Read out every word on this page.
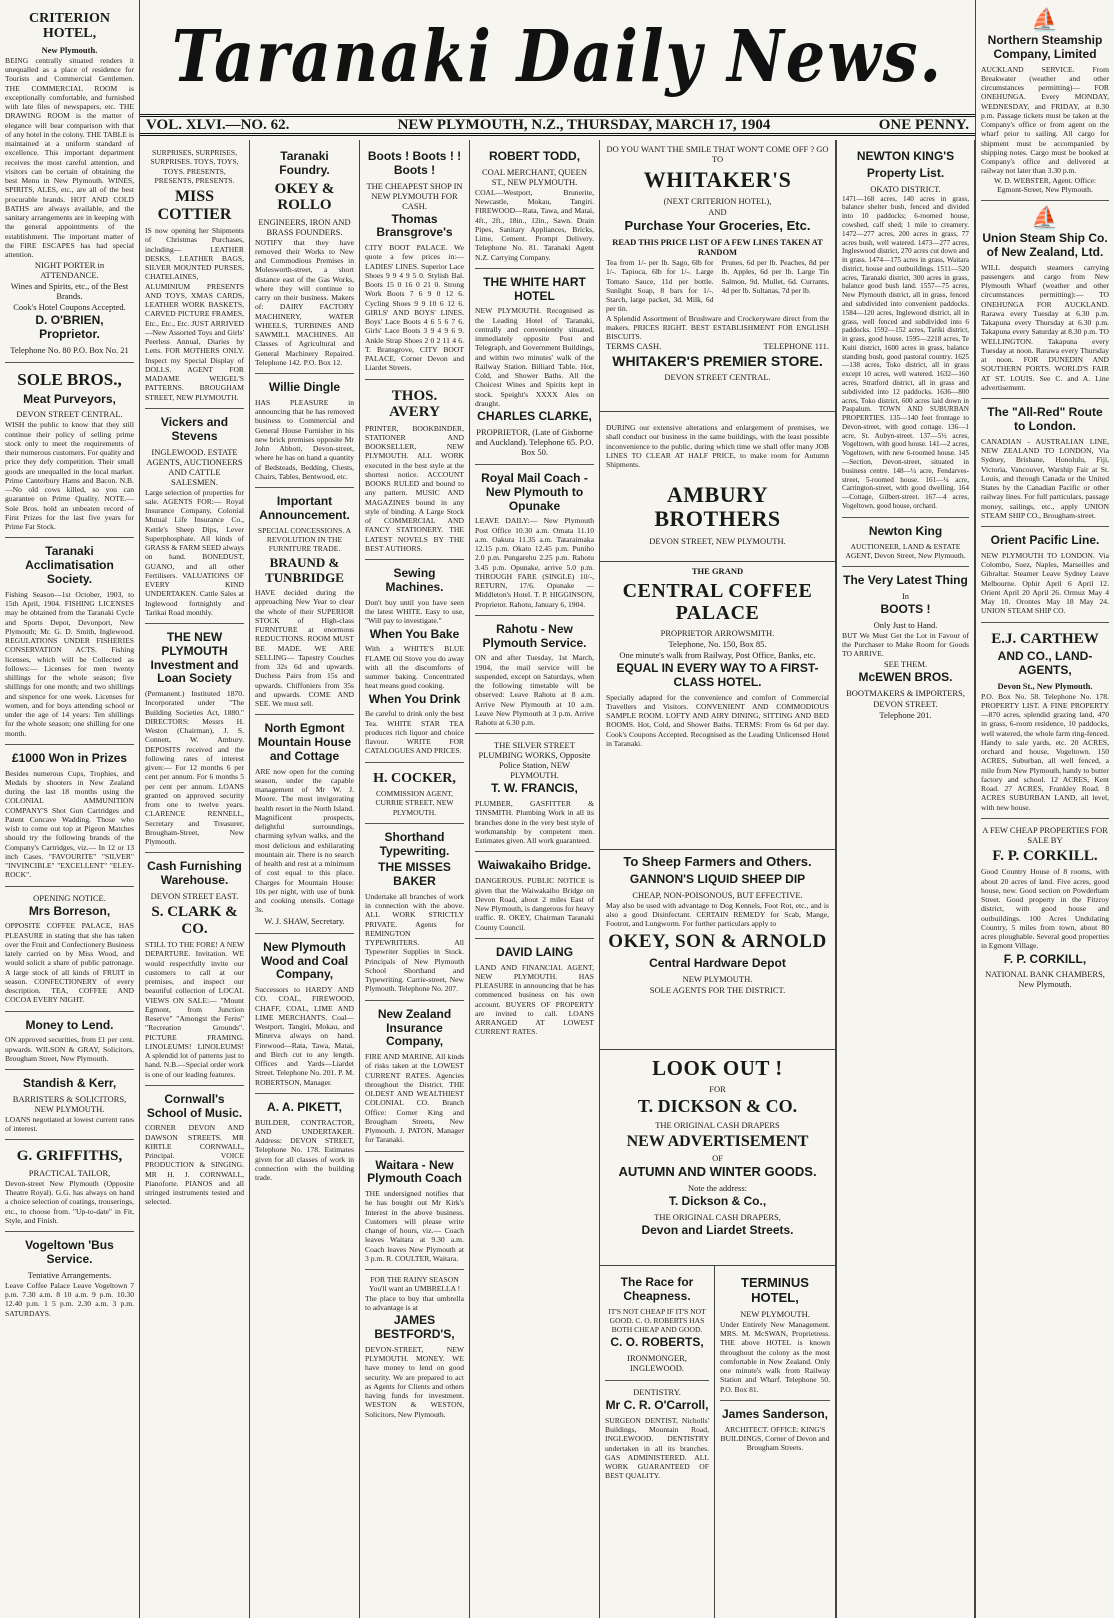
Taranaki Daily News.
VOL. XLVI.—NO. 62.	NEW PLYMOUTH, N.Z., THURSDAY, MARCH 17, 1904	ONE PENNY.
CRITERION HOTEL,
New Plymouth.

BEING centrally situated renders it unequalled as a place of residence for Tourists and Commercial Gentlemen. THE COMMERCIAL ROOM is exceptionally comfortable, and furnished with late files of newspapers, etc. THE DRAWING ROOM is the matter of elegance will bear comparison with that of any hotel in the colony. THE TABLE is maintained at a uniform standard of excellence. This important department receives the most careful attention, and visitors can be certain of obtaining the best Menu in New Plymouth. WINES, SPIRITS, ALES, etc., are all of the best procurable brands. HOT AND COLD BATHS are always available, and the sanitary arrangements are in keeping with the general appointments of the establishment. The important matter of the FIRE ESCAPES has had special attention.

NIGHT PORTER in ATTENDANCE.
Wines and Spirits, etc., of the Best Brands.
Cook's Hotel Coupons Accepted.
D. O'BRIEN, Proprietor.
Telephone No. 80 P.O. Box No. 21
SOLE BROS.,
Meat Purveyors,
DEVON STREET CENTRAL.

WISH the public to know that they still continue their policy of selling prime stock only to meet the requirements of their numerous customers. For quality and price they defy competition. Their small goods are unequalled in the local market. Prime Canterbury Hams and Bacon. N.B.—No old cows killed, so you can guarantee on Prime Quality. NOTE.—Sole Bros. hold an unbeaten record of First Prizes for the last five years for Prime Fat Stock.

Taranaki Acclimatisation Society.

Fishing Season—1st October, 1903, to 15th April, 1904. FISHING LICENSES may be obtained from the Taranaki Cycle and Sports Depot, Devonport, New Plymouth; Mr. G. D. Smith, Inglewood. REGULATIONS UNDER FISHERIES CONSERVATION ACTS. Fishing licenses, which will be Collected as follows:— Licenses for men twenty shillings for the whole season; five shillings for one month; and two shillings and sixpence for one week. Licenses for women, and for boys attending school or under the age of 14 years: Ten shillings for the whole season; one shilling for one month.

£1000 Won in Prizes

Besides numerous Cups, Trophies, and Medals by shooters in New Zealand during the last 18 months using the COLONIAL AMMUNITION COMPANY'S Shot Gun Cartridges and Patent Concave Wadding. Those who wish to come out top at Pigeon Matches should try the following brands of the Company's Cartridges, viz.— In 12 or 13 inch Cases. "FAVOURITE" "SILVER" "INVINCIBLE" "EXCELLENT" "ELEY-ROCK".

OPENING NOTICE.
Mrs Borreson,

OPPOSITE COFFEE PALACE, HAS PLEASURE in stating that she has taken over the Fruit and Confectionery Business lately carried on by Miss Wood, and would solicit a share of public patronage. A large stock of all kinds of FRUIT in season. CONFECTIONERY of every description. TEA, COFFEE AND COCOA EVERY NIGHT.

Money to Lend.

ON approved securities, from £1 per cent. upwards. WILSON & GRAY, Solicitors, Brougham Street, New Plymouth.

Standish & Kerr,
BARRISTERS & SOLICITORS, NEW PLYMOUTH.

LOANS negotiated at lowest current rates of interest.

G. GRIFFITHS,
PRACTICAL TAILOR,

Devon-street New Plymouth (Opposite Theatre Royal). G.G. has always on hand a choice selection of coatings, trouserings, etc., to choose from. "Up-to-date" in Fit, Style, and Finish.

Vogeltown 'Bus Service.
Tentative Arrangements.

Leave Coffee Palace Leave Vogeltown 7 p.m. 7.30 a.m. 8 10 a.m. 9 p.m. 10.30 12.40 p.m. 1 5 p.m. 2.30 a.m. 3 p.m. SATURDAYS.

SURPRISES, SURPRISES, SURPRISES. TOYS, TOYS, TOYS. PRESENTS, PRESENTS, PRESENTS.

MISS COTTIER

IS now opening her Shipments of Christmas Purchases, including— LEATHER DESKS, LEATHER BAGS, SILVER MOUNTED PURSES, CHATELAINES, ALUMINIUM PRESENTS AND TOYS, XMAS CARDS, LEATHER WORK BASKETS, CARVED PICTURE FRAMES, Etc., Etc., Etc. JUST ARRIVED—New Assorted Toys and Girls' Peerless Annual, Diaries by Letts. FOR MOTHERS ONLY. Inspect my Special Display of DOLLS. AGENT FOR MADAME WEIGEL'S PATTERNS. BROUGHAM STREET, NEW PLYMOUTH.

Vickers and Stevens
INGLEWOOD. ESTATE AGENTS, AUCTIONEERS AND CATTLE SALESMEN.

Large selection of properties for sale. AGENTS FOR:— Royal Insurance Company, Colonial Mutual Life Insurance Co., Kettle's Sheep Dips, Lever Superphosphate. All kinds of GRASS & FARM SEED always on hand. BONEDUST, GUANO, and all other Fertilisers. VALUATIONS OF EVERY KIND UNDERTAKEN. Cattle Sales at Inglewood fortnightly and Tarikai Road monthly.

THE NEW PLYMOUTH Investment and Loan Society

(Permanent.) Instituted 1870. Incorporated under "The Building Societies Act, 1880." DIRECTORS: Messrs H. Weston (Chairman), J. S. Connett, W. Ambury. DEPOSITS received and the following rates of interest given:— For 12 months 6 per cent per annum. For 6 months 5 per cent per annum. LOANS granted on approved security from one to twelve years. CLARENCE RENNELL, Secretary and Treasurer, Brougham-Street, New Plymouth.

Cash Furnishing Warehouse.
DEVON STREET EAST.
S. CLARK & CO.

STILL TO THE FORE! A NEW DEPARTURE. Invitation. WE would respectfully invite our customers to call at our premises, and inspect our beautiful collection of LOCAL VIEWS ON SALE:— "Mount Egmont, from Junction Reserve" "Amongst the Ferns" "Recreation Grounds". PICTURE FRAMING. LINOLEUMS! LINOLEUMS! A splendid lot of patterns just to hand. N.B.—Special order work is one of our leading features.

Cornwall's School of Music.

CORNER DEVON AND DAWSON STREETS. MR KIRTLE CORNWALL, Principal. VOICE PRODUCTION & SINGING. MR H. J. CORNWALL, Pianoforte. PIANOS and all stringed instruments tested and selected.

Taranaki Foundry.
OKEY & ROLLO
ENGINEERS, IRON AND BRASS FOUNDERS.

NOTIFY that they have removed their Works to New and Commodious Premises in Molesworth-street, a short distance east of the Gas Works, where they will continue to carry on their business. Makers of: DAIRY FACTORY MACHINERY, WATER WHEELS, TURBINES AND SAWMILL MACHINES. All Classes of Agricultural and General Machinery Repaired. Telephone 142. P.O. Box 12.

Willie Dingle

HAS PLEASURE in announcing that he has removed business to Commercial and General House Furnisher in his new brick premises opposite Mr John Abbott, Devon-street, where he has on hand a quantity of Bedsteads, Bedding, Chests, Chairs, Tables, Bentwood, etc.

Important Announcement.

SPECIAL CONCESSIONS. A REVOLUTION IN THE FURNITURE TRADE.

BRAUND & TUNBRIDGE

HAVE decided during the approaching New Year to clear the whole of their SUPERIOR STOCK of High-class FURNITURE at enormous REDUCTIONS. ROOM MUST BE MADE. WE ARE SELLING— Tapestry Couches from 32s 6d and upwards. Duchess Pairs from 15s and upwards. Chiffoniers from 35s and upwards. COME AND SEE. We must sell.

North Egmont Mountain House and Cottage

ARE now open for the coming season, under the capable management of Mr W. J. Moore. The most invigorating health resort in the North Island. Magnificent prospects, delightful surroundings, charming sylvan walks, and the most delicious and exhilarating mountain air. There is no search of health and rest at a minimum of cost equal to this place. Charges for Mountain House: 10s per night, with use of bunk and cooking utensils. Cottage 3s.

W. J. SHAW, Secretary.
New Plymouth Wood and Coal Company,

Successors to HARDY AND CO. COAL, FIREWOOD, CHAFF, COAL, LIME AND LIME MERCHANTS. Coal—Westport, Tangiri, Mokau, and Minerva always on hand. Firewood—Rata, Tawa, Matai, and Birch cut to any length. Offices and Yards—Liardet Street. Telephone No. 201. P. M. ROBERTSON, Manager.

A. A. PIKETT,

BUILDER, CONTRACTOR, AND UNDERTAKER. Address: DEVON STREET, Telephone No. 178. Estimates given for all classes of work in connection with the building trade.

Boots ! Boots ! ! Boots !
THE CHEAPEST SHOP IN NEW PLYMOUTH FOR CASH.
Thomas Bransgrove's

CITY BOOT PALACE. We quote a few prices in:— LADIES' LINES. Superior Lace Shoes 9 9 4 9 5 0. Stylish Bal. Boots 15 0 16 0 21 0. Strong Work Boots 7 6 9 0 12 6. Cycling Shoes 9 9 10 6 12 6. GIRLS' AND BOYS' LINES. Boys' Lace Boots 4 6 5 6 7 6. Girls' Lace Boots 3 9 4 9 6 9. Ankle Strap Shoes 2 0 2 11 4 6. T. Bransgrove, CITY BOOT PALACE, Corner Devon and Liardet Streets.

THOS. AVERY

PRINTER, BOOKBINDER, STATIONER AND BOOKSELLER, NEW PLYMOUTH. ALL WORK executed in the best style at the shortest notice. ACCOUNT BOOKS RULED and bound to any pattern. MUSIC AND MAGAZINES bound in any style of binding. A Large Stock of COMMERCIAL AND FANCY STATIONERY. THE LATEST NOVELS BY THE BEST AUTHORS.

Sewing Machines.

Don't buy until you have seen the latest WHITE. Easy to use, "Will pay to investigate."

When You Bake

With a WHITE'S BLUE FLAME Oil Stove you do away with all the discomforts of summer baking. Concentrated heat means good cooking.

When You Drink

Be careful to drink only the best Tea. WHITE STAR TEA produces rich liquor and choice flavour. WRITE FOR CATALOGUES AND PRICES.

H. COCKER,

COMMISSION AGENT, CURRIE STREET, NEW PLYMOUTH.

Shorthand Typewriting.
THE MISSES BAKER

Undertake all branches of work in connection with the above. ALL WORK STRICTLY PRIVATE. Agents for REMINGTON TYPEWRITERS. All Typewriter Supplies in Stock. Principals of New Plymouth School Shorthand and Typewriting. Carrie-street, New Plymouth. Telephone No. 207.

New Zealand Insurance Company,

FIRE AND MARINE. All kinds of risks taken at the LOWEST CURRENT RATES. Agencies throughout the District. THE OLDEST AND WEALTHIEST COLONIAL CO. Branch Office: Corner King and Brougham Streets, New Plymouth. J. PATON, Manager for Taranaki.

Waitara - New Plymouth Coach

THE undersigned notifies that he has bought out Mr Kirk's Interest in the above business. Customers will please write change of hours, viz.— Coach leaves Waitara at 9.30 a.m. Coach leaves New Plymouth at 3 p.m. R. COULTER, Waitara.

FOR THE RAINY SEASON You'll want an UMBRELLA !

The place to buy that umbrella to advantage is at

JAMES BESTFORD'S,

DEVON-STREET, NEW PLYMOUTH. MONEY. WE have money to lend on good security. We are prepared to act as Agents for Clients and others having funds for investment. WESTON & WESTON, Solicitors, New Plymouth.

ROBERT TODD,
COAL MERCHANT, QUEEN ST., NEW PLYMOUTH.

COAL—Westport, Brunerite, Newcastle, Mokau, Tangiri. FIREWOOD—Rata, Tawa, and Matai, 4ft., 2ft., 18in., 12in., Sawn. Drain Pipes, Sanitary Appliances, Bricks, Lime, Cement. Prompt Delivery. Telephone No. 81. Taranaki Agent N.Z. Carrying Company.

THE WHITE HART HOTEL

NEW PLYMOUTH. Recognised as the Leading Hotel of Taranaki, centrally and conveniently situated, immediately opposite Post and Telegraph, and Government Buildings, and within two minutes' walk of the Railway Station. Billiard Table. Hot, Cold, and Shower Baths. All the Choicest Wines and Spirits kept in stock. Speight's XXXX Ales on draught.

CHARLES CLARKE,
PROPRIETOR, (Late of Gisborne and Auckland). Telephone 65. P.O. Box 50.
Royal Mail Coach - New Plymouth to Opunake

LEAVE DAILY:— New Plymouth Post Office 10.30 a.m. Omata 11.10 a.m. Oakura 11.35 a.m. Tataraimaka 12.15 p.m. Okato 12.45 p.m. Puniho 2.0 p.m. Pungarehu 2.25 p.m. Rahotu 3.45 p.m. Opunake, arrive 5.0 p.m. THROUGH FARE (SINGLE) 10/-, RETURN, 17/6. Opunake — Middleton's Hotel. T. P. HIGGINSON, Proprietor. Rahotu, January 6, 1904.

Rahotu - New Plymouth Service.

ON and after Tuesday, 1st March, 1904, the mail service will be suspended, except on Saturdays, when the following timetable will be observed: Leave Rahotu at 8 a.m. Arrive New Plymouth at 10 a.m. Leave New Plymouth at 3 p.m. Arrive Rahotu at 6.30 p.m.

THE SILVER STREET PLUMBING WORKS, Opposite Police Station, NEW PLYMOUTH.
T. W. FRANCIS,

PLUMBER, GASFITTER & TINSMITH. Plumbing Work in all its branches done in the very best style of workmanship by competent men. Estimates given. All work guaranteed.

Waiwakaiho Bridge.

DANGEROUS. PUBLIC NOTICE is given that the Waiwakaiho Bridge on Devon Road, about 2 miles East of New Plymouth, is dangerous for heavy traffic. R. OKEY, Chairman Taranaki County Council.

DAVID LAING

LAND AND FINANCIAL AGENT, NEW PLYMOUTH. HAS PLEASURE in announcing that he has commenced business on his own account. BUYERS OF PROPERTY are invited to call. LOANS ARRANGED AT LOWEST CURRENT RATES.

DO YOU WANT THE SMILE THAT WON'T COME OFF ? GO TO
WHITAKER'S
(NEXT CRITERION HOTEL),
AND
Purchase Your Groceries, Etc.
READ THIS PRICE LIST OF A FEW LINES TAKEN AT RANDOM

Tea from 1/- per lb. Sago, 6lb for 1/-. Tapioca, 6lb for 1/-. Large Tomato Sauce, 11d per bottle. Sunlight Soap, 8 bars for 1/-. Starch, large packet, 3d. Milk, 6d per tin.

Prunes, 6d per lb. Peaches, 8d per lb. Apples, 6d per lb. Large Tin Salmon, 9d. Mullet, 6d. Currants, 4d per lb. Sultanas, 7d per lb.

A Splendid Assortment of Brushware and Crockeryware direct from the makers. PRICES RIGHT. BEST ESTABLISHMENT FOR ENGLISH BISCUITS.

TERMS CASH.	TELEPHONE 111.
WHITAKER'S PREMIER STORE.
DEVON STREET CENTRAL.

DURING our extensive alterations and enlargement of premises, we shall conduct our business in the same buildings, with the least possible inconvenience to the public, during which time we shall offer many JOB LINES TO CLEAR AT HALF PRICE, to make room for Autumn Shipments.

AMBURY BROTHERS
DEVON STREET, NEW PLYMOUTH.
THE GRAND
CENTRAL COFFEE PALACE
PROPRIETOR ARROWSMITH.
Telephone, No. 150, Box 85.
One minute's walk from Railway, Post Office, Banks, etc.
EQUAL IN EVERY WAY TO A FIRST-CLASS HOTEL.

Specially adapted for the convenience and comfort of Commercial Travellers and Visitors. CONVENIENT AND COMMODIOUS SAMPLE ROOM. LOFTY AND AIRY DINING, SITTING AND BED ROOMS. Hot, Cold, and Shower Baths. TERMS: From 6s 6d per day. Cook's Coupons Accepted. Recognised as the Leading Unlicensed Hotel in Taranaki.

To Sheep Farmers and Others.
GANNON'S LIQUID SHEEP DIP
CHEAP, NON-POISONOUS, BUT EFFECTIVE.

May also be used with advantage to Dog Kennels, Foot Rot, etc., and is also a good Disinfectant. CERTAIN REMEDY for Scab, Mange, Footrot, and Lungworm. For further particulars apply to

OKEY, SON & ARNOLD
Central Hardware Depot
NEW PLYMOUTH.
SOLE AGENTS FOR THE DISTRICT.
LOOK OUT !
FOR
T. DICKSON & CO.
THE ORIGINAL CASH DRAPERS
NEW ADVERTISEMENT
OF
AUTUMN AND WINTER GOODS.
Note the address:
T. Dickson & Co.,
THE ORIGINAL CASH DRAPERS,
Devon and Liardet Streets.
The Race for Cheapness.

IT'S NOT CHEAP IF IT'S NOT GOOD. C. O. ROBERTS HAS BOTH CHEAP AND GOOD.

C. O. ROBERTS,
IRONMONGER, INGLEWOOD.
DENTISTRY.
Mr C. R. O'Carroll,

SURGEON DENTIST, Nicholls' Buildings, Mountain Road, INGLEWOOD. DENTISTRY undertaken in all its branches. GAS ADMINISTERED. ALL WORK GUARANTEED OF BEST QUALITY.

TERMINUS HOTEL,
NEW PLYMOUTH.

Under Entirely New Management. MRS. M. McSWAN, Proprietress. THE above HOTEL is known throughout the colony as the most comfortable in New Zealand. Only one minute's walk from Railway Station and Wharf. Telephone 50. P.O. Box 81.

James Sanderson,

ARCHITECT. OFFICE: KING'S BUILDINGS, Corner of Devon and Brougham Streets.

⛵
Northern Steamship Company, Limited

AUCKLAND SERVICE. From Breakwater (weather and other circumstances permitting)— FOR ONEHUNGA. Every MONDAY, WEDNESDAY, and FRIDAY, at 8.30 p.m. Passage tickets must be taken at the Company's office or from agent on the wharf prior to sailing. All cargo for shipment must be accompanied by shipping notes. Cargo must be booked at Company's office and delivered at railway not later than 3.30 p.m.

W. D. WEBSTER, Agent. Office: Egmont-Street, New Plymouth.

⛵
Union Steam Ship Co. of New Zealand, Ltd.

WILL despatch steamers carrying passengers and cargo from New Plymouth Wharf (weather and other circumstances permitting):— TO ONEHUNGA FOR AUCKLAND. Rarawa every Tuesday at 6.30 p.m. Takapuna every Thursday at 6.30 p.m. Takapuna every Saturday at 8.30 p.m. TO WELLINGTON. Takapuna every Tuesday at noon. Rarawa every Thursday at noon. FOR DUNEDIN AND SOUTHERN PORTS. WORLD'S FAIR AT ST. LOUIS. See C. and A. Line advertisement.

The "All-Red" Route to London.

CANADIAN - AUSTRALIAN LINE, NEW ZEALAND TO LONDON, Via Sydney, Brisbane, Honolulu, Fiji, Victoria, Vancouver, Warship Fair at St. Louis, and through Canada or the United States by the Canadian Pacific or other railway lines. For full particulars, passage money, sailings, etc., apply UNION STEAM SHIP CO., Brougham-street.

Orient Pacific Line.

NEW PLYMOUTH TO LONDON. Via Colombo, Suez, Naples, Marseilles and Gibraltar. Steamer Leave Sydney Leave Melbourne. Ophir April 6 April 12. Orient April 20 April 26. Ormuz May 4 May 10. Orontes May 18 May 24. UNION STEAM SHIP CO.

E.J. CARTHEW
AND CO., LAND-AGENTS,
Devon St., New Plymouth.

P.O. Box No. 58. Telephone No. 178. PROPERTY LIST. A FINE PROPERTY—870 acres, splendid grazing land, 470 in grass, 6-room residence, 10 paddocks, well watered, the whole farm ring-fenced. Handy to sale yards, etc. 20 ACRES, orchard and house, Vogeltown. 150 ACRES, Suburban, all well fenced, a mile from New Plymouth, handy to butter factory and school. 12 ACRES, Kent Road. 27 ACRES, Frankley Road. 8 ACRES SUBURBAN LAND, all level, with new house.

A FEW CHEAP PROPERTIES FOR SALE BY
F. P. CORKILL.

Good Country House of 8 rooms, with about 20 acres of land. Five acres, good house, new. Good section on Powderham Street. Good property in the Fitzroy district, with good house and outbuildings. 100 Acres Undulating Country, 5 miles from town, about 80 acres ploughable. Several good properties in Egmont Village.

F. P. CORKILL,
NATIONAL BANK CHAMBERS, New Plymouth.
NEWTON KING'S
Property List.
OKATO DISTRICT.

1471—168 acres, 140 acres in grass, balance shelter bush, fenced and divided into 10 paddocks; 6-roomed house, cowshed, calf shed; 1 mile to creamery. 1472—277 acres, 200 acres in grass, 77 acres bush, well watered. 1473—277 acres, Ingleswood district, 270 acres cut down and in grass. 1474—175 acres in grass, Waitara district, house and outbuildings. 1511—520 acres, Taranaki district, 300 acres in grass, balance good bush land. 1557—75 acres, New Plymouth district, all in grass, fenced and subdivided into convenient paddocks. 1584—120 acres, Inglewood district, all in grass, well fenced and subdivided into 6 paddocks. 1592—152 acres, Tariki district, in grass, good house. 1595—2218 acres, Te Kuiti district, 1600 acres in grass, balance standing bush, good pastoral country. 1625—138 acres, Toko district, all in grass except 10 acres, well watered. 1632—160 acres, Stratford district, all in grass and subdivided into 12 paddocks. 1636—800 acres, Toko district, 600 acres laid down in Paspalum. TOWN AND SUBURBAN PROPERTIES. 135—140 feet frontage to Devon-street, with good cottage. 136—1 acre, St. Aubyn-street. 137—5½ acres, Vogeltown, with good house. 141—2 acres, Vogeltown, with new 6-roomed house. 145—Section, Devon-street, situated in business centre. 148—¼ acre, Fendarves-street, 5-roomed house. 161—¼ acre, Carrington-street, with good dwelling. 164—Cottage, Gilbert-street. 167—4 acres, Vogeltown, good house, orchard.

Newton King

AUCTIONEER, LAND & ESTATE AGENT, Devon Street, New Plymouth.

The Very Latest Thing
In
BOOTS !
Only Just to Hand.

BUT We Must Get the Lot in Favour of the Purchaser to Make Room for Goods TO ARRIVE.

SEE THEM.
McEWEN BROS.
BOOTMAKERS & IMPORTERS,
DEVON STREET.
Telephone 201.
